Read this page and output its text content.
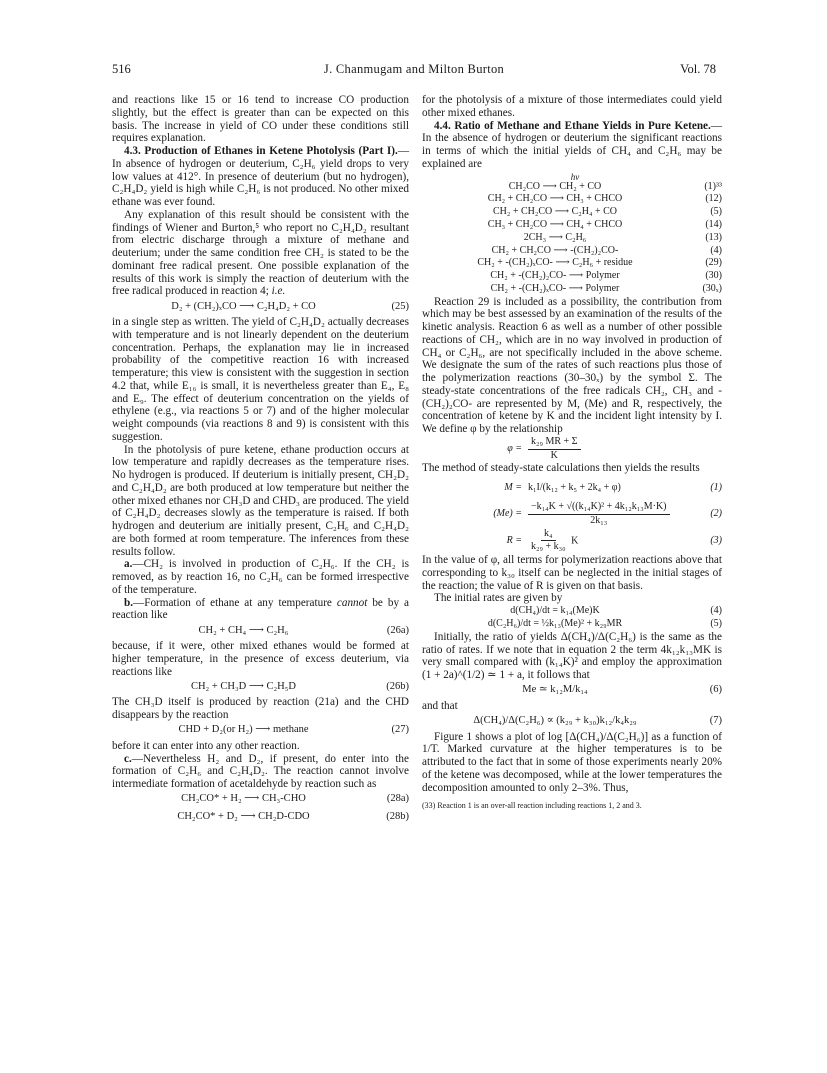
516	J. Chanmugam and Milton Burton	Vol. 78

and reactions like 15 or 16 tend to increase CO production slightly, but the effect is greater than can be expected on this basis. The increase in yield of CO under these conditions still requires explanation.

4.3. Production of Ethanes in Ketene Photolysis (Part I).—In absence of hydrogen or deuterium, C₂H₆ yield drops to very low values at 412°. In presence of deuterium (but no hydrogen), C₂H₄D₂ yield is high while C₂H₆ is not produced. No other mixed ethane was ever found.

Any explanation of this result should be consistent with the findings of Wiener and Burton,⁵ who report no C₂H₄D₂ resultant from electric discharge through a mixture of methane and deuterium; under the same condition free CH₂ is stated to be the dominant free radical present. One possible explanation of the results of this work is simply the reaction of deuterium with the free radical produced in reaction 4; i.e.

D₂ + (CH₂)ₓCO ⟶ C₂H₄D₂ + CO	(25)

in a single step as written. The yield of C₂H₄D₂ actually decreases with temperature and is not linearly dependent on the deuterium concentration. Perhaps, the explanation may lie in increased probability of the competitive reaction 16 with increased temperature; this view is consistent with the suggestion in section 4.2 that, while E₁₆ is small, it is nevertheless greater than E₄, E₈ and E₉. The effect of deuterium concentration on the yields of ethylene (e.g., via reactions 5 or 7) and of the higher molecular weight compounds (via reactions 8 and 9) is consistent with this suggestion.

In the photolysis of pure ketene, ethane production occurs at low temperature and rapidly decreases as the temperature rises. No hydrogen is produced. If deuterium is initially present, CH₂D₂ and C₂H₄D₂ are both produced at low temperature but neither the other mixed ethanes nor CH₃D and CHD₃ are produced. The yield of C₂H₄D₂ decreases slowly as the temperature is raised. If both hydrogen and deuterium are initially present, C₂H₆ and C₂H₄D₂ are both formed at room temperature. The inferences from these results follow.

a.—CH₂ is involved in production of C₂H₆. If the CH₂ is removed, as by reaction 16, no C₂H₆ can be formed irrespective of the temperature.

b.—Formation of ethane at any temperature cannot be by a reaction like

CH₂ + CH₄ ⟶ C₂H₆	(26a)

because, if it were, other mixed ethanes would be formed at higher temperature, in the presence of excess deuterium, via reactions like

CH₂ + CH₃D ⟶ C₂H₅D	(26b)

The CH₃D itself is produced by reaction (21a) and the CHD disappears by the reaction

CHD + D₂(or H₂) ⟶ methane	(27)

before it can enter into any other reaction.

c.—Nevertheless H₂ and D₂, if present, do enter into the formation of C₂H₆ and C₂H₄D₂. The reaction cannot involve intermediate formation of acetaldehyde by reaction such as

CH₂CO* + H₂ ⟶ CH₃-CHO	(28a)
CH₂CO* + D₂ ⟶ CH₂D-CDO	(28b)

for the photolysis of a mixture of those intermediates could yield other mixed ethanes.

4.4. Ratio of Methane and Ethane Yields in Pure Ketene.—In the absence of hydrogen or deuterium the significant reactions in terms of which the initial yields of CH₄ and C₂H₆ may be explained are

hν
CH₂CO ⟶ CH₂ + CO	(1)³³
CH₂ + CH₂CO ⟶ CH₃ + CHCO	(12)
CH₂ + CH₂CO ⟶ C₂H₄ + CO	(5)
CH₃ + CH₂CO ⟶ CH₄ + CHCO	(14)
2CH₃ ⟶ C₂H₆	(13)
CH₂ + CH₂CO ⟶ -(CH₂)₂CO-	(4)
CH₂ + -(CH₂)ₓCO- ⟶ C₂H₆ + residue	(29)
CH₂ + -(CH₂)₂CO- ⟶ Polymer	(30)
CH₂ + -(CH₂)ₓCO- ⟶ Polymer	(30ₓ)

Reaction 29 is included as a possibility, the contribution from which may be best assessed by an examination of the results of the kinetic analysis. Reaction 6 as well as a number of other possible reactions of CH₂, which are in no way involved in production of CH₄ or C₂H₆, are not specifically included in the above scheme. We designate the sum of the rates of such reactions plus those of the polymerization reactions (30–30ₓ) by the symbol Σ. The steady-state concentrations of the free radicals CH₂, CH₃ and -(CH₂)₂CO- are represented by M, (Me) and R, respectively, the concentration of ketene by K and the incident light intensity by I. We define φ by the relationship

$\varphi = \frac{\text{k₂₉ MR + Σ}}{K}$

The method of steady-state calculations then yields the results

M = k₁I/(k₁₂ + k₅ + 2k₄ + φ)	(1)
$(Me) = \frac{\text{−k₁₄K + √((k₁₄K)² + 4k₁₂k₁₃M·K)}}{\text{2k₁₃}}$	(2)
$R = \frac{\text{k₄}}{\text{k₂₉ + k₃₀}}$ K	(3)

In the value of φ, all terms for polymerization reactions above that corresponding to k₃₀ itself can be neglected in the initial stages of the reaction; the value of R is given on that basis.

The initial rates are given by

d(CH₄)/dt = k₁₄(Me)K	(4)
d(C₂H₆)/dt = ½k₁₃(Me)² + k₂₉MR	(5)

Initially, the ratio of yields Δ(CH₄)/Δ(C₂H₆) is the same as the ratio of rates. If we note that in equation 2 the term 4k₁₂k₁₃MK is very small compared with (k₁₄K)² and employ the approximation (1 + 2a)^(1/2) ≃ 1 + a, it follows that

Me ≃ k₁₂M/k₁₄	(6)

and that

Δ(CH₄)/Δ(C₂H₆) ∝ (k₂₉ + k₃₀)k₁₂/k₄k₂₉	(7)

Figure 1 shows a plot of log [Δ(CH₄)/Δ(C₂H₆)] as a function of 1/T. Marked curvature at the higher temperatures is to be attributed to the fact that in some of those experiments nearly 20% of the ketene was decomposed, while at the lower temperatures the decomposition amounted to only 2–3%. Thus,

(33) Reaction 1 is an over-all reaction including reactions 1, 2 and 3.
